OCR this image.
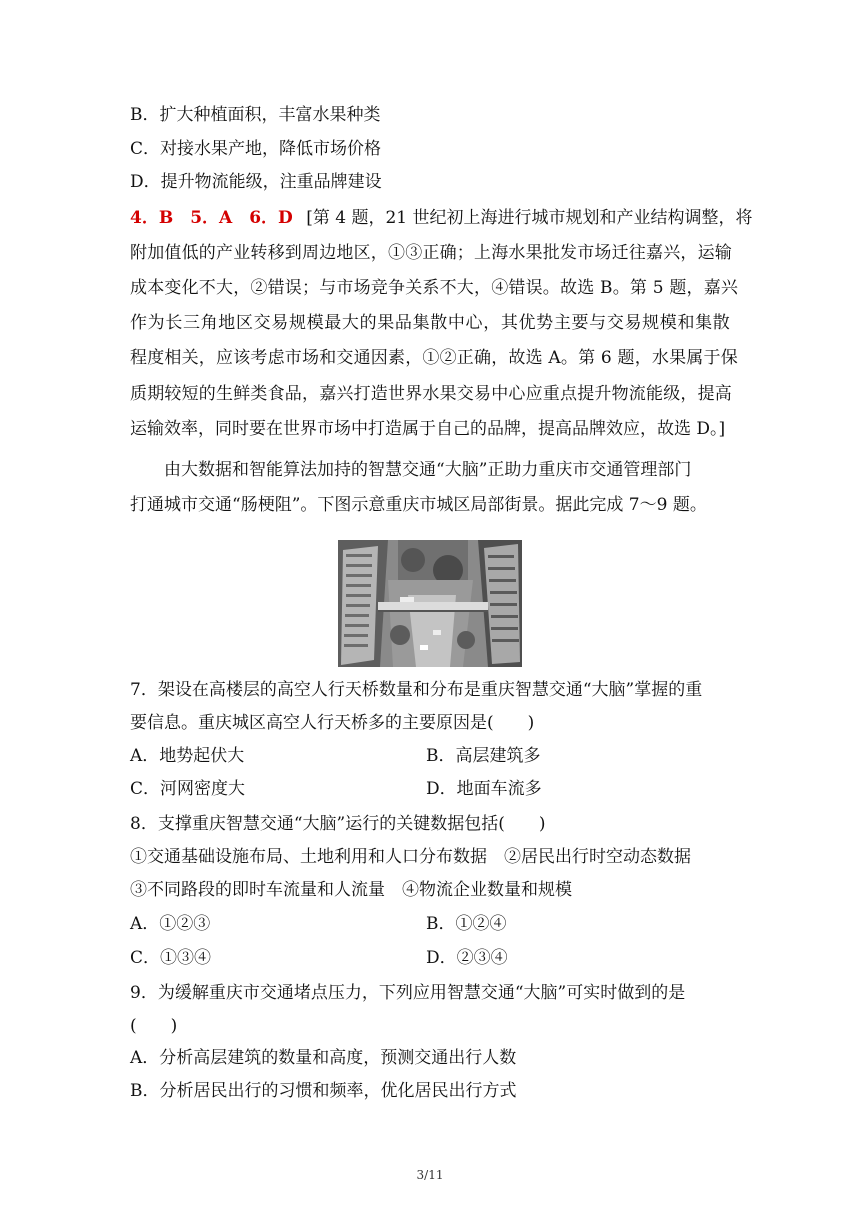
B．扩大种植面积，丰富水果种类
C．对接水果产地，降低市场价格
D．提升物流能级，注重品牌建设
4．B　5．A　6．D [第 4 题，21 世纪初上海进行城市规划和产业结构调整，将
附加值低的产业转移到周边地区，①③正确；上海水果批发市场迁往嘉兴，运输
成本变化不大，②错误；与市场竞争关系不大，④错误。故选 B。第 5 题，嘉兴
作为长三角地区交易规模最大的果品集散中心，其优势主要与交易规模和集散
程度相关，应该考虑市场和交通因素，①②正确，故选 A。第 6 题，水果属于保
质期较短的生鲜类食品，嘉兴打造世界水果交易中心应重点提升物流能级，提高
运输效率，同时要在世界市场中打造属于自己的品牌，提高品牌效应，故选 D。]
由大数据和智能算法加持的智慧交通“大脑”正助力重庆市交通管理部门
打通城市交通“肠梗阻”。下图示意重庆市城区局部街景。据此完成 7～9 题。
7．架设在高楼层的高空人行天桥数量和分布是重庆智慧交通“大脑”掌握的重
要信息。重庆城区高空人行天桥多的主要原因是(　　)
A．地势起伏大	B．高层建筑多
C．河网密度大	D．地面车流多
8．支撑重庆智慧交通“大脑”运行的关键数据包括(　　)
①交通基础设施布局、土地利用和人口分布数据　②居民出行时空动态数据
③不同路段的即时车流量和人流量　④物流企业数量和规模
A．①②③	B．①②④
C．①③④	D．②③④
9．为缓解重庆市交通堵点压力，下列应用智慧交通“大脑”可实时做到的是
(　　)
A．分析高层建筑的数量和高度，预测交通出行人数
B．分析居民出行的习惯和频率，优化居民出行方式
3/11
